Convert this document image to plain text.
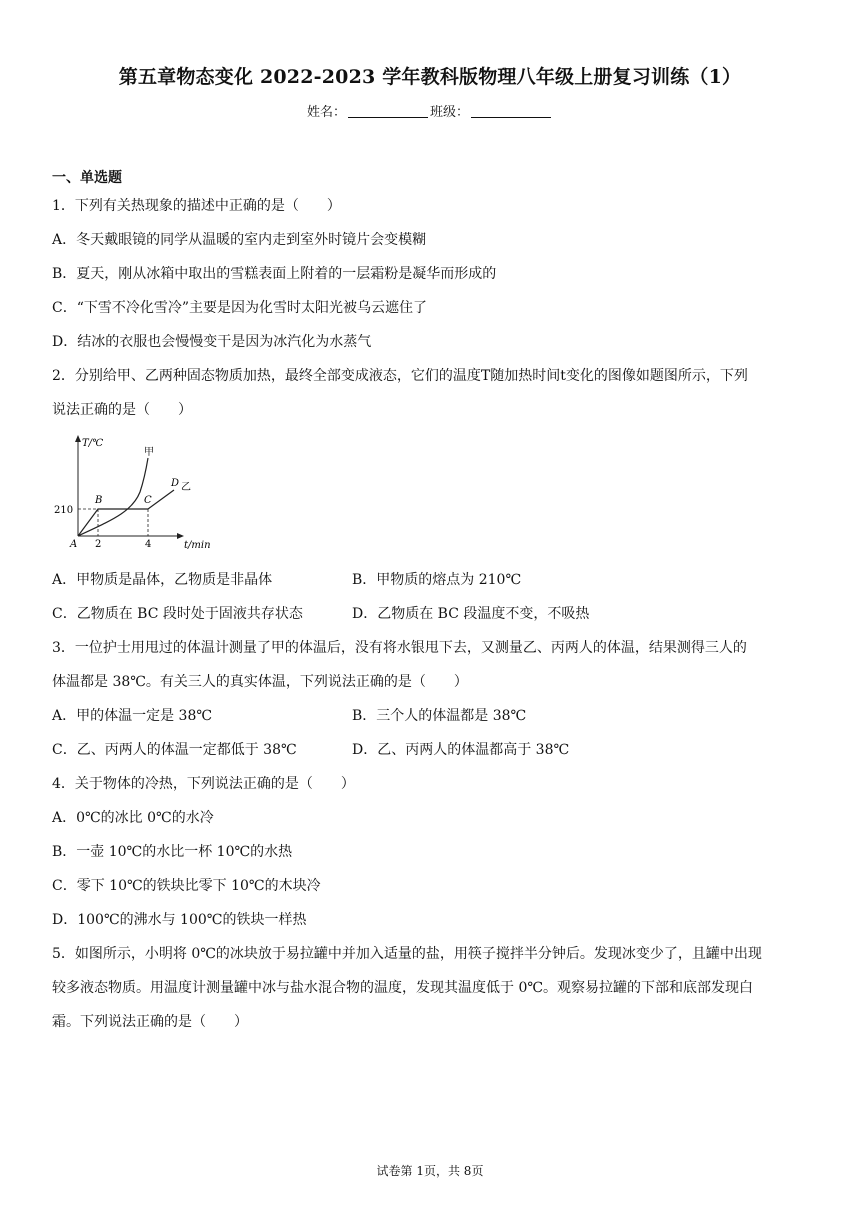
第五章物态变化 2022-2023 学年教科版物理八年级上册复习训练（1）
姓名：	班级：
一、单选题
1．下列有关热现象的描述中正确的是（　　）
A．冬天戴眼镜的同学从温暖的室内走到室外时镜片会变模糊
B．夏天，刚从冰箱中取出的雪糕表面上附着的一层霜粉是凝华而形成的
C．“下雪不冷化雪冷”主要是因为化雪时太阳光被乌云遮住了
D．结冰的衣服也会慢慢变干是因为冰汽化为水蒸气
2．分别给甲、乙两种固态物质加热，最终全部变成液态，它们的温度T随加热时间t变化的图像如题图所示，下列
说法正确的是（　　）
T/℃
t/min
210
2	4
A
B	C
D
甲
乙
A．甲物质是晶体，乙物质是非晶体	B．甲物质的熔点为 210℃
C．乙物质在 BC 段时处于固液共存状态	D．乙物质在 BC 段温度不变，不吸热
3．一位护士用甩过的体温计测量了甲的体温后，没有将水银甩下去，又测量乙、丙两人的体温，结果测得三人的
体温都是 38℃。有关三人的真实体温，下列说法正确的是（　　）
A．甲的体温一定是 38℃	B．三个人的体温都是 38℃
C．乙、丙两人的体温一定都低于 38℃	D．乙、丙两人的体温都高于 38℃
4．关于物体的冷热，下列说法正确的是（　　）
A．0℃的冰比 0℃的水冷
B．一壶 10℃的水比一杯 10℃的水热
C．零下 10℃的铁块比零下 10℃的木块冷
D．100℃的沸水与 100℃的铁块一样热
5．如图所示，小明将 0℃的冰块放于易拉罐中并加入适量的盐，用筷子搅拌半分钟后。发现冰变少了，且罐中出现
较多液态物质。用温度计测量罐中冰与盐水混合物的温度，发现其温度低于 0℃。观察易拉罐的下部和底部发现白
霜。下列说法正确的是（　　）
试卷第 1页，共 8页
